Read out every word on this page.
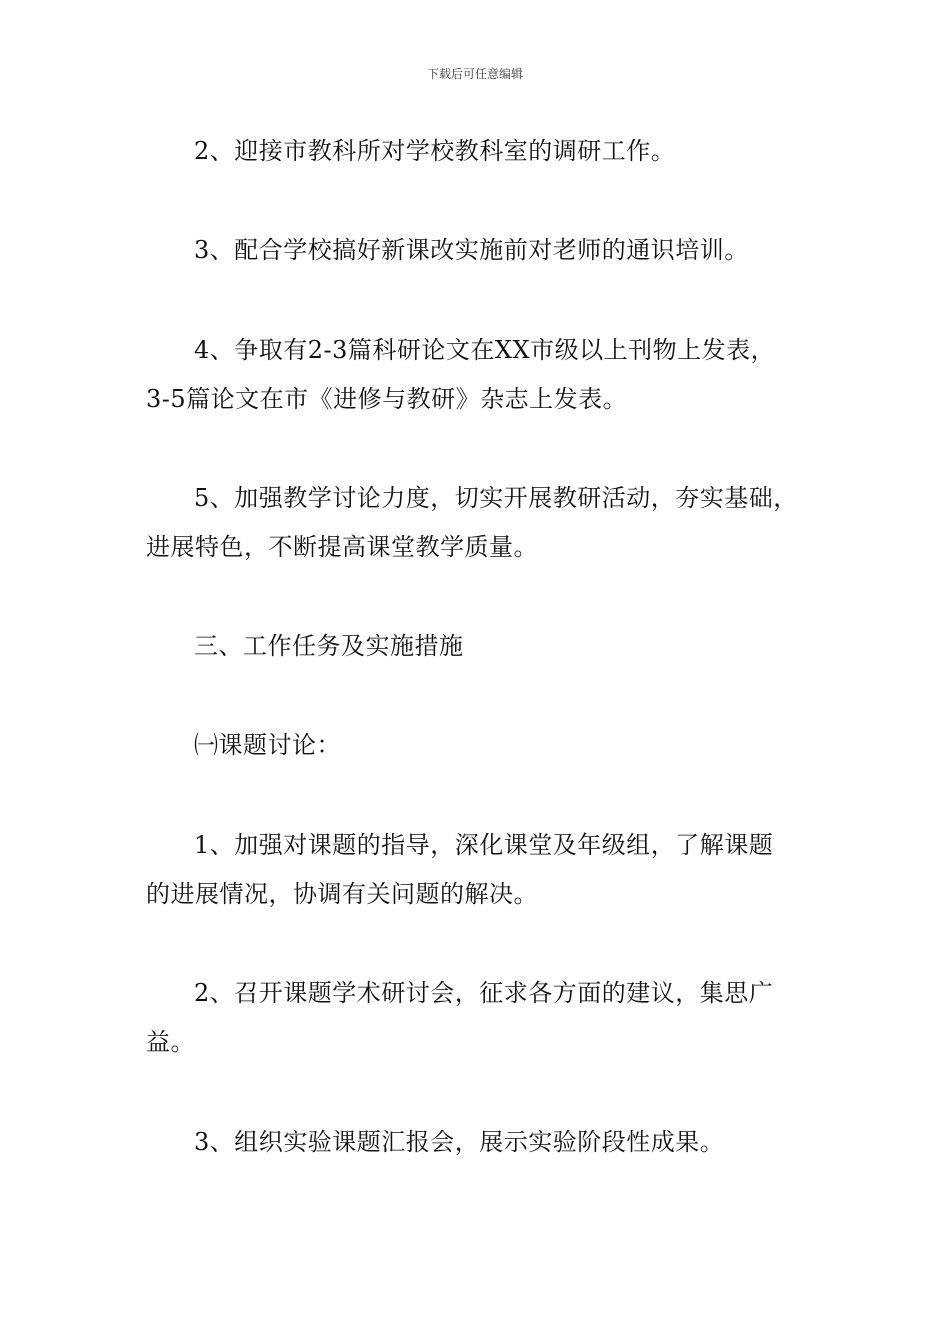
下载后可任意编辑
2、迎接市教科所对学校教科室的调研工作。
3、配合学校搞好新课改实施前对老师的通识培训。
4、争取有2-3篇科研论文在XX市级以上刊物上发表，
3-5篇论文在市《进修与教研》杂志上发表。
5、加强教学讨论力度，切实开展教研活动，夯实基础，
进展特色，不断提高课堂教学质量。
三、工作任务及实施措施
㈠课题讨论：
1、加强对课题的指导，深化课堂及年级组，了解课题
的进展情况，协调有关问题的解决。
2、召开课题学术研讨会，征求各方面的建议，集思广
益。
3、组织实验课题汇报会，展示实验阶段性成果。
